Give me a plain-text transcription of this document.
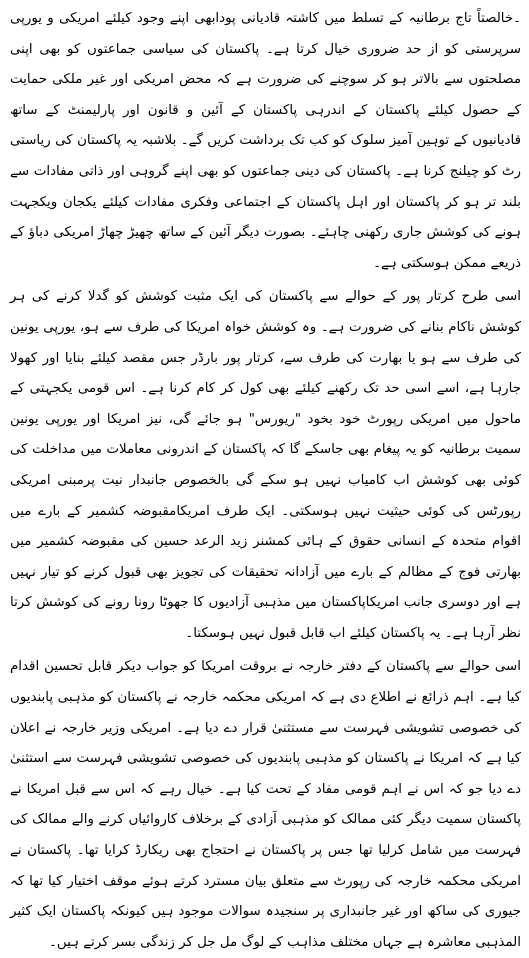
۔خالصتاً تاج برطانیہ کے تسلط میں کاشتہ قادیانی پودابھی اپنے وجود کیلئے امریکی و یورپی سرپرستی کو از حد ضروری خیال کرتا ہے۔ پاکستان کی سیاسی جماعتوں کو بھی اپنی مصلحتوں سے بالاتر ہو کر سوچنے کی ضرورت ہے کہ محض امریکی اور غیر ملکی حمایت کے حصول کیلئے پاکستان کے اندرہی پاکستان کے آئین و قانون اور پارلیمنٹ کے ساتھ قادیانیوں کے توہین آمیز سلوک کو کب تک برداشت کریں گے۔ بلاشبہ یہ پاکستان کی ریاستی رٹ کو چیلنج کرنا ہے۔ پاکستان کی دینی جماعتوں کو بھی اپنے گروہی اور ذاتی مفادات سے بلند تر ہو کر پاکستان اور اہل پاکستان کے اجتماعی وفکری مفادات کیلئے یکجان ویکجہت ہونے کی کوشش جاری رکھنی چاہئے۔ بصورت دیگر آئین کے ساتھ چھیڑ چھاڑ امریکی دباؤ کے ذریعے ممکن ہوسکتی ہے۔

اسی طرح کرتار پور کے حوالے سے پاکستان کی ایک مثبت کوشش کو گدلا کرنے کی ہر کوشش ناکام بنانے کی ضرورت ہے۔ وہ کوشش خواہ امریکا کی طرف سے ہو، یورپی یونین کی طرف سے ہو یا بھارت کی طرف سے، کرتار پور بارڈر جس مقصد کیلئے بنایا اور کھولا جارہا ہے، اسے اسی حد تک رکھنے کیلئے بھی کول کر کام کرنا ہے۔ اس قومی یکجہتی کے ماحول میں امریکی رپورٹ خود بخود "ریورس" ہو جائے گی، نیز امریکا اور یورپی یونین سمیت برطانیہ کو یہ پیغام بھی جاسکے گا کہ پاکستان کے اندرونی معاملات میں مداخلت کی کوئی بھی کوشش اب کامیاب نہیں ہو سکے گی بالخصوص جانبدار نیت پرمبنی امریکی رپورٹس کی کوئی حیثیت نہیں ہوسکتی۔ ایک طرف امریکامقبوضہ کشمیر کے بارے میں اقوام متحدہ کے انسانی حقوق کے ہائی کمشنر زید الرعد حسین کی مقبوضہ کشمیر میں بھارتی فوج کے مظالم کے بارے میں آزادانہ تحقیقات کی تجویز بھی قبول کرنے کو تیار نہیں ہے اور دوسری جانب امریکاپاکستان میں مذہبی آزادیوں کا جھوٹا رونا رونے کی کوشش کرتا نظر آرہا ہے۔ یہ پاکستان کیلئے اب قابل قبول نہیں ہوسکتا۔

اسی حوالے سے پاکستان کے دفتر خارجہ نے بروقت امریکا کو جواب دیکر قابل تحسین اقدام کیا ہے۔ اہم ذرائع نے اطلاع دی ہے کہ امریکی محکمہ خارجہ نے پاکستان کو مذہبی پابندیوں کی خصوصی تشویشی فہرست سے مستثنیٰ قرار دے دیا ہے۔ امریکی وزیر خارجہ نے اعلان کیا ہے کہ امریکا نے پاکستان کو مذہبی پابندیوں کی خصوصی تشویشی فہرست سے استثنیٰ دے دیا جو کہ اس نے اہم قومی مفاد کے تحت کیا ہے۔ خیال رہے کہ اس سے قبل امریکا نے پاکستان سمیت دیگر کئی ممالک کو مذہبی آزادی کے برخلاف کاروائیاں کرنے والے ممالک کی فہرست میں شامل کرلیا تھا جس پر پاکستان نے احتجاج بھی ریکارڈ کرایا تھا۔ پاکستان نے امریکی محکمہ خارجہ کی رپورٹ سے متعلق بیان مسترد کرتے ہوئے موقف اختیار کیا تھا کہ جیوری کی ساکھ اور غیر جانبداری پر سنجیدہ سوالات موجود ہیں کیونکہ پاکستان ایک کثیر المذہبی معاشرہ ہے جہاں مختلف مذاہب کے لوگ مل جل کر زندگی بسر کرتے ہیں۔
